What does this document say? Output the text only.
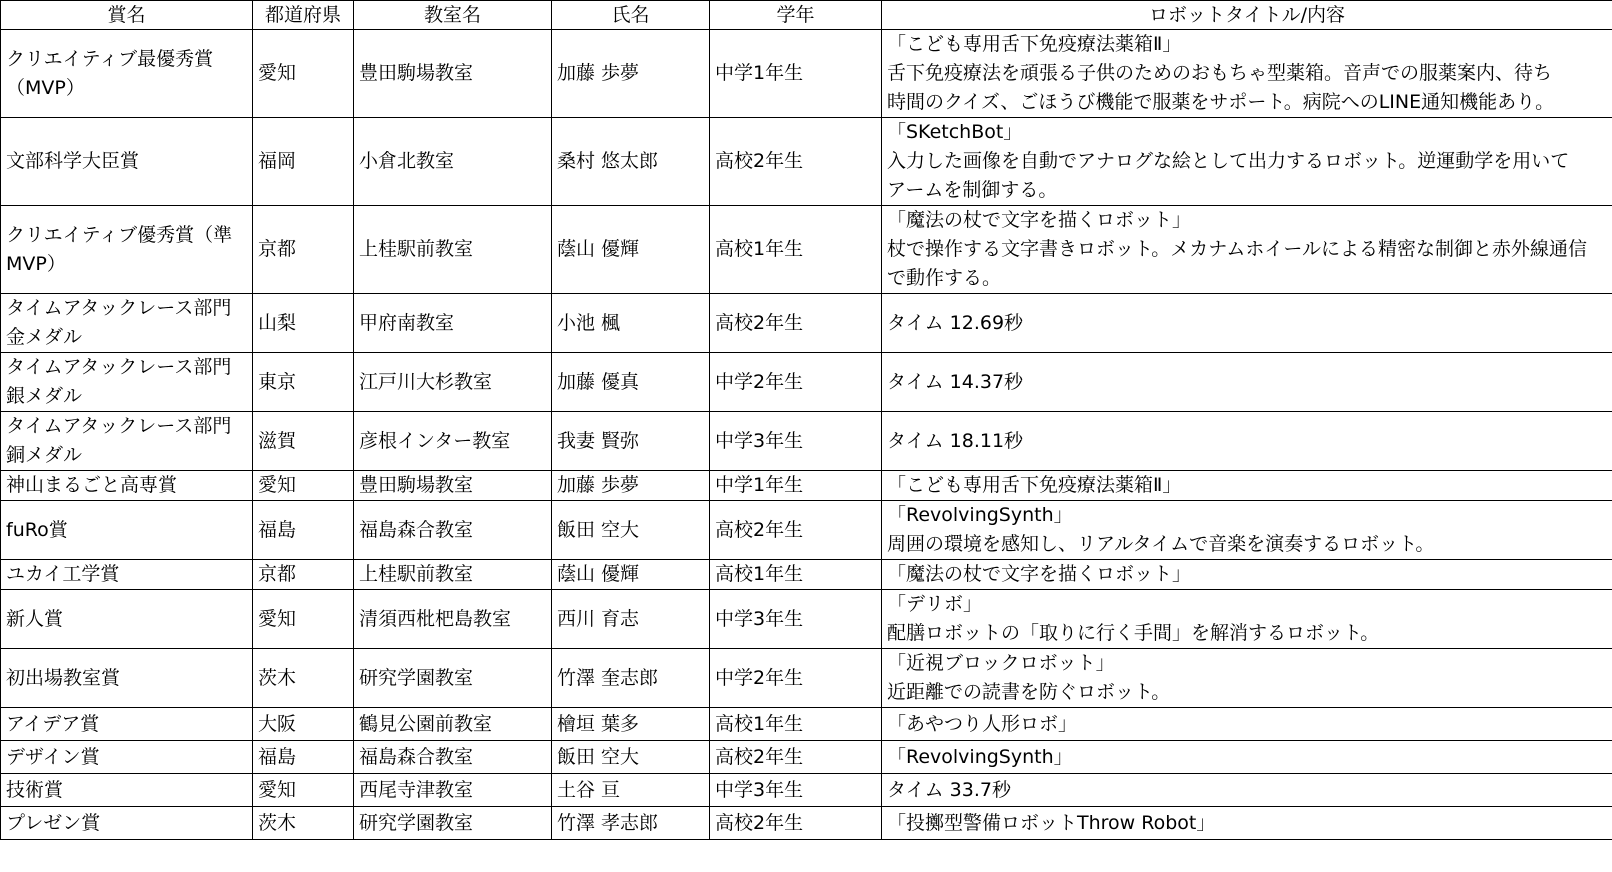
賞名	都道府県	教室名	氏名	学年	ロボットタイトル/内容

クリエイティブ最優秀賞
（MVP）	愛知	豊田駒場教室	加藤 歩夢	中学1年生	「こども専用舌下免疫療法薬箱Ⅱ」
舌下免疫療法を頑張る子供のためのおもちゃ型薬箱。音声での服薬案内、待ち
時間のクイズ、ごほうび機能で服薬をサポート。病院へのLINE通知機能あり。

文部科学大臣賞	福岡	小倉北教室	桑村 悠太郎	高校2年生	「SKetchBot」
入力した画像を自動でアナログな絵として出力するロボット。逆運動学を用いて
アームを制御する。

クリエイティブ優秀賞（準
MVP）	京都	上桂駅前教室	蔭山 優輝	高校1年生	「魔法の杖で文字を描くロボット」
杖で操作する文字書きロボット。メカナムホイールによる精密な制御と赤外線通信
で動作する。

タイムアタックレース部門
金メダル	山梨	甲府南教室	小池 楓	高校2年生	タイム 12.69秒

タイムアタックレース部門
銀メダル	東京	江戸川大杉教室	加藤 優真	中学2年生	タイム 14.37秒

タイムアタックレース部門
銅メダル	滋賀	彦根インター教室	我妻 賢弥	中学3年生	タイム 18.11秒

神山まるごと高専賞	愛知	豊田駒場教室	加藤 歩夢	中学1年生	「こども専用舌下免疫療法薬箱Ⅱ」

fuRo賞	福島	福島森合教室	飯田 空大	高校2年生	「RevolvingSynth」
周囲の環境を感知し、リアルタイムで音楽を演奏するロボット。

ユカイ工学賞	京都	上桂駅前教室	蔭山 優輝	高校1年生	「魔法の杖で文字を描くロボット」

新人賞	愛知	清須西枇杷島教室	西川 育志	中学3年生	「デリボ」
配膳ロボットの「取りに行く手間」を解消するロボット。

初出場教室賞	茨木	研究学園教室	竹澤 奎志郎	中学2年生	「近視ブロックロボット」
近距離での読書を防ぐロボット。

アイデア賞	大阪	鶴見公園前教室	檜垣 葉多	高校1年生	「あやつり人形ロボ」

デザイン賞	福島	福島森合教室	飯田 空大	高校2年生	「RevolvingSynth」

技術賞	愛知	西尾寺津教室	土谷 亘	中学3年生	タイム 33.7秒

プレゼン賞	茨木	研究学園教室	竹澤 孝志郎	高校2年生	「投擲型警備ロボットThrow Robot」
